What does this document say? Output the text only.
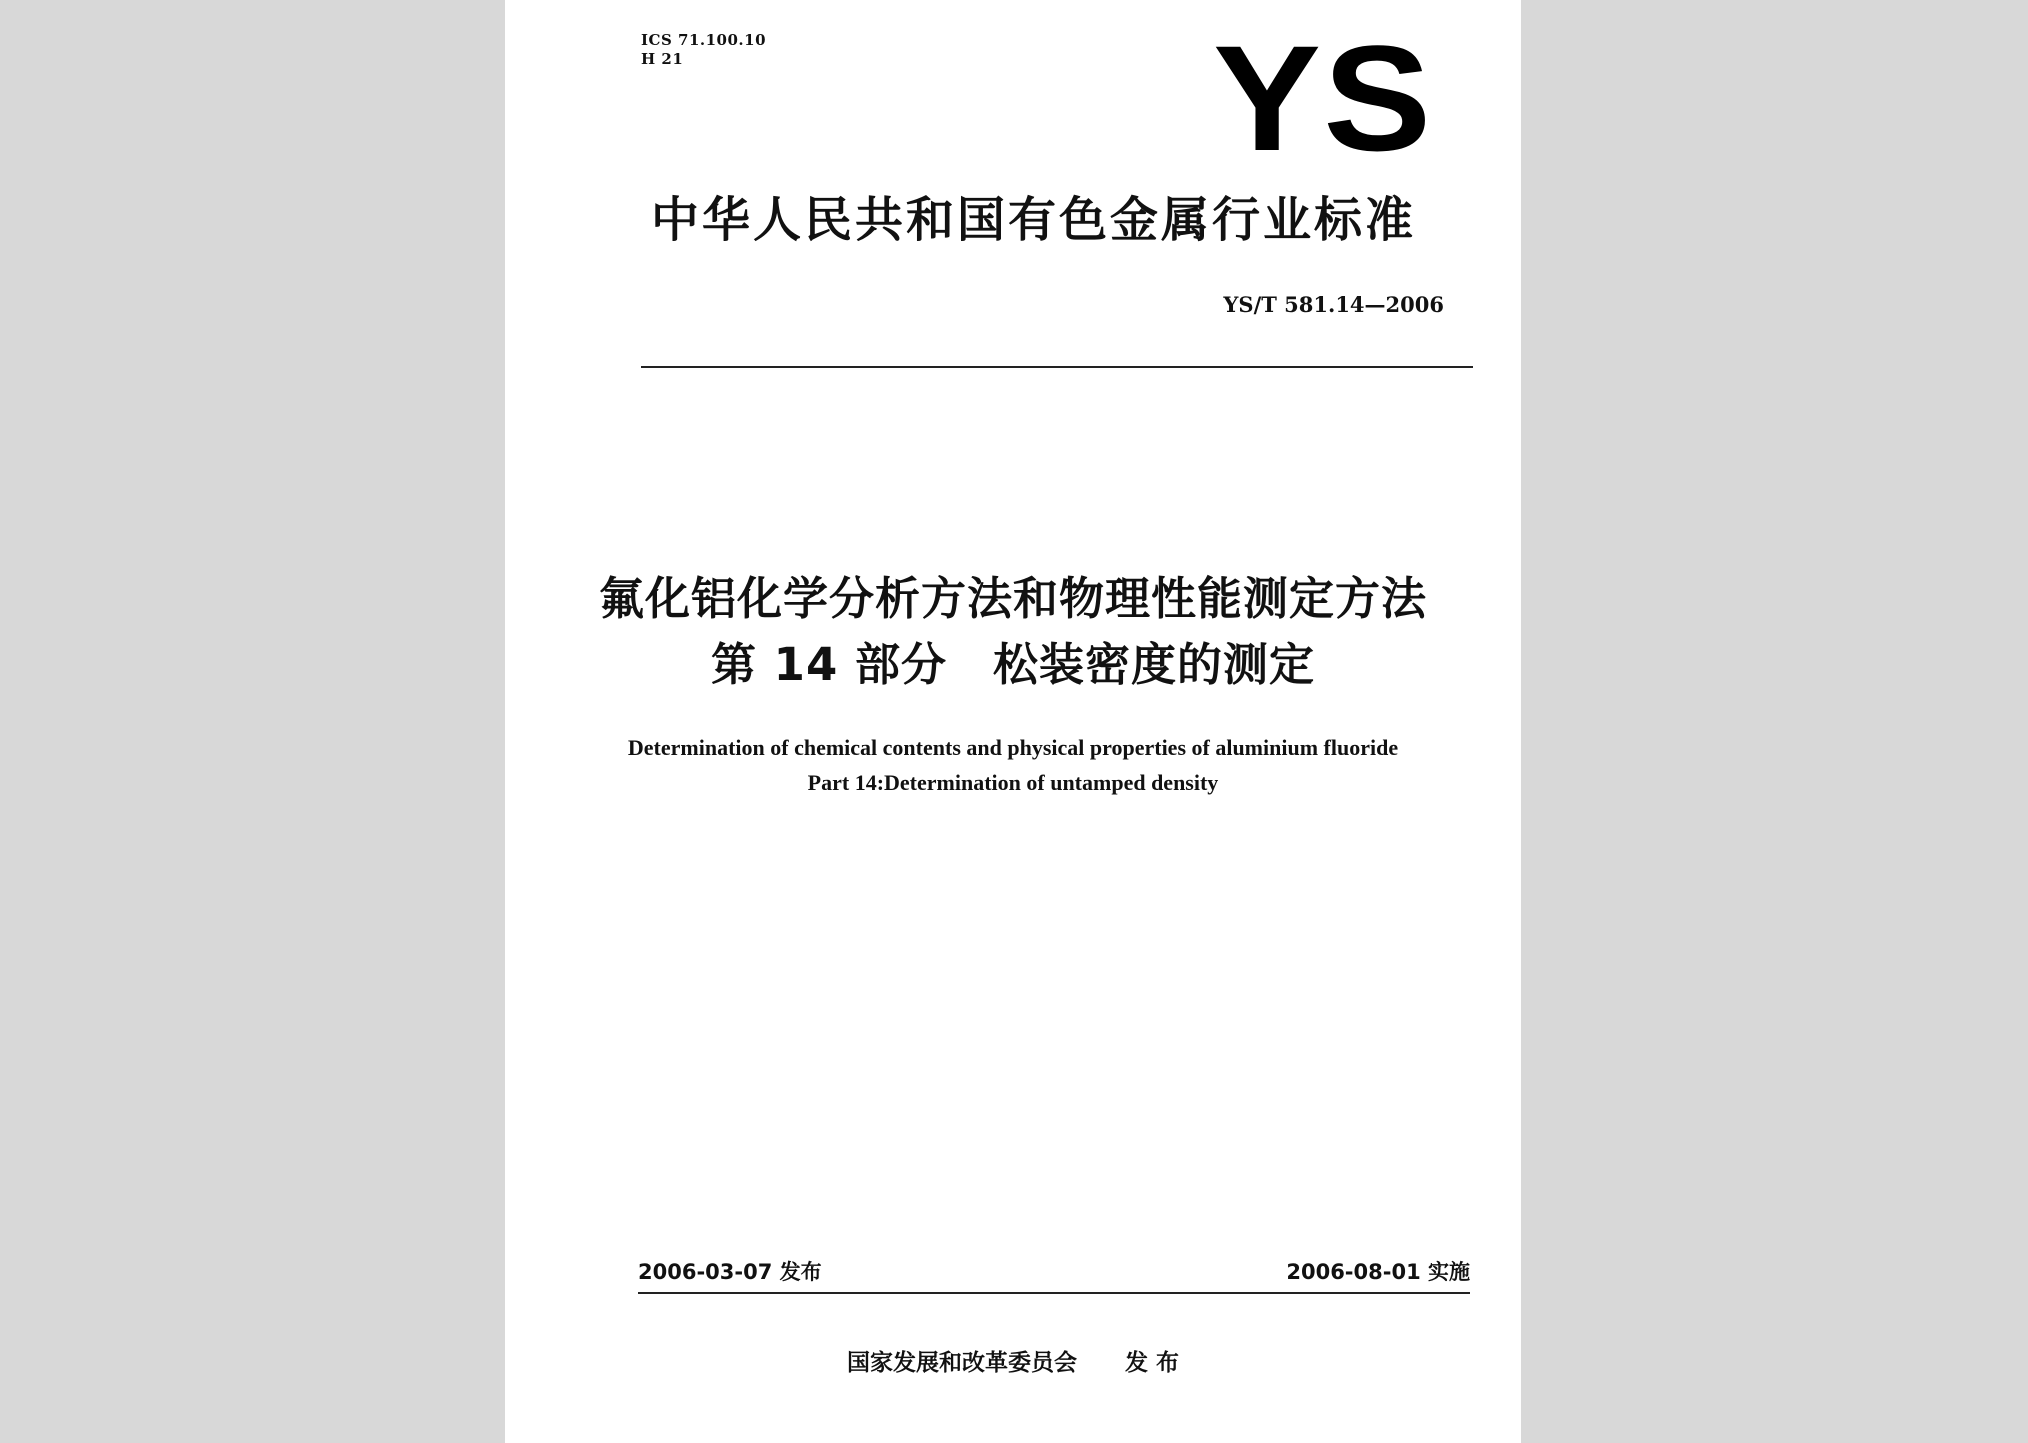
ICS 71.100.10
H 21	YS
中华人民共和国有色金属行业标准
YS/T 581.14—2006
氟化铝化学分析方法和物理性能测定方法
第 14 部分　松装密度的测定
Determination of chemical contents and physical properties of aluminium fluoride
Part 14:Determination of untamped density
2006-03-07 发布	2006-08-01 实施
国家发展和改革委员会 发 布
